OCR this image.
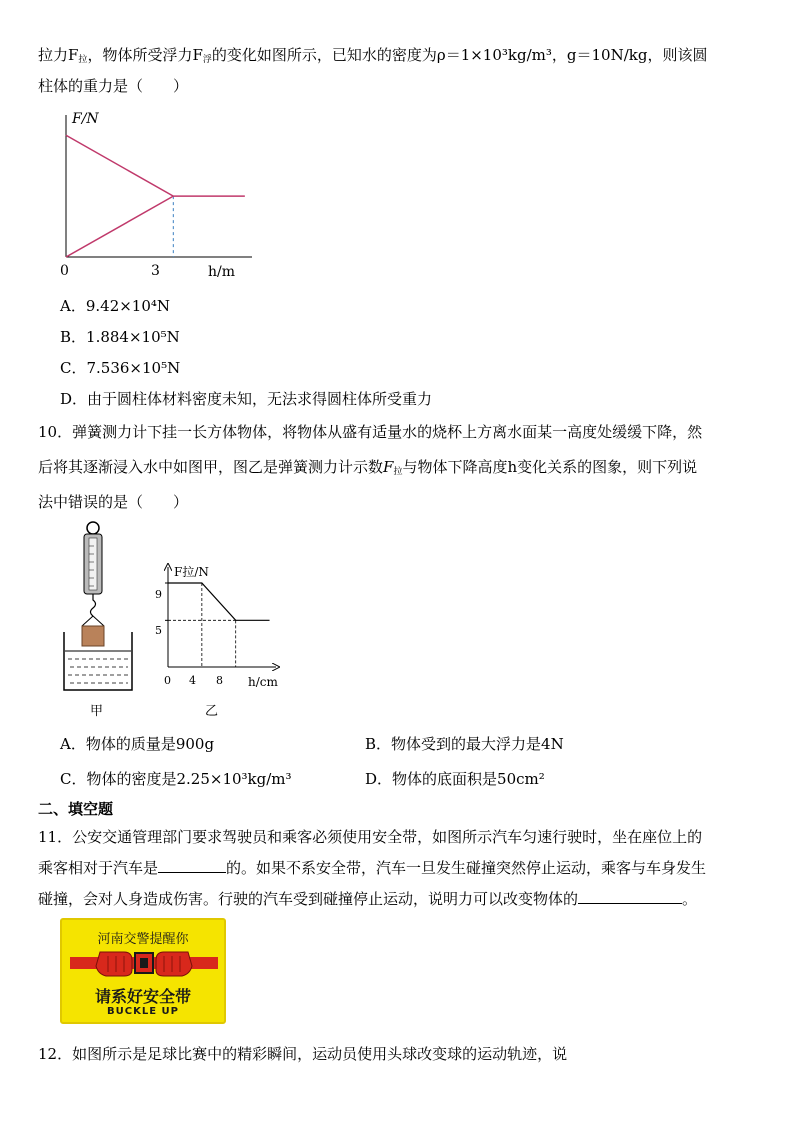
拉力$F_拉$，物体所受浮力$F_浮$的变化如图所示，已知水的密度为ρ＝1×10³kg/m³，g＝10N/kg，则该圆
柱体的重力是（　　）
F/N
h/m
0	3
A．9.42×10⁴N
B．1.884×10⁵N
C．7.536×10⁵N
D．由于圆柱体材料密度未知，无法求得圆柱体所受重力
10．弹簧测力计下挂一长方体物体，将物体从盛有适量水的烧杯上方离水面某一高度处缓缓下降，然
后将其逐渐浸入水中如图甲，图乙是弹簧测力计示数$F_拉$与物体下降高度h变化关系的图象，则下列说
法中错误的是（　　）
甲
F拉/N
h/cm
0 4 8
5
9
乙
A．物体的质量是900g	B．物体受到的最大浮力是4N
C．物体的密度是2.25×10³kg/m³	D．物体的底面积是50cm²
二、填空题
11．公安交通管理部门要求驾驶员和乘客必须使用安全带，如图所示汽车匀速行驶时，坐在座位上的
乘客相对于汽车是	的。如果不系安全带，汽车一旦发生碰撞突然停止运动，乘客与车身发生
碰撞，会对人身造成伤害。行驶的汽车受到碰撞停止运动，说明力可以改变物体的	。
河南交警提醒你
请系好安全带
BUCKLE UP
12．如图所示是足球比赛中的精彩瞬间，运动员使用头球改变球的运动轨迹，说
